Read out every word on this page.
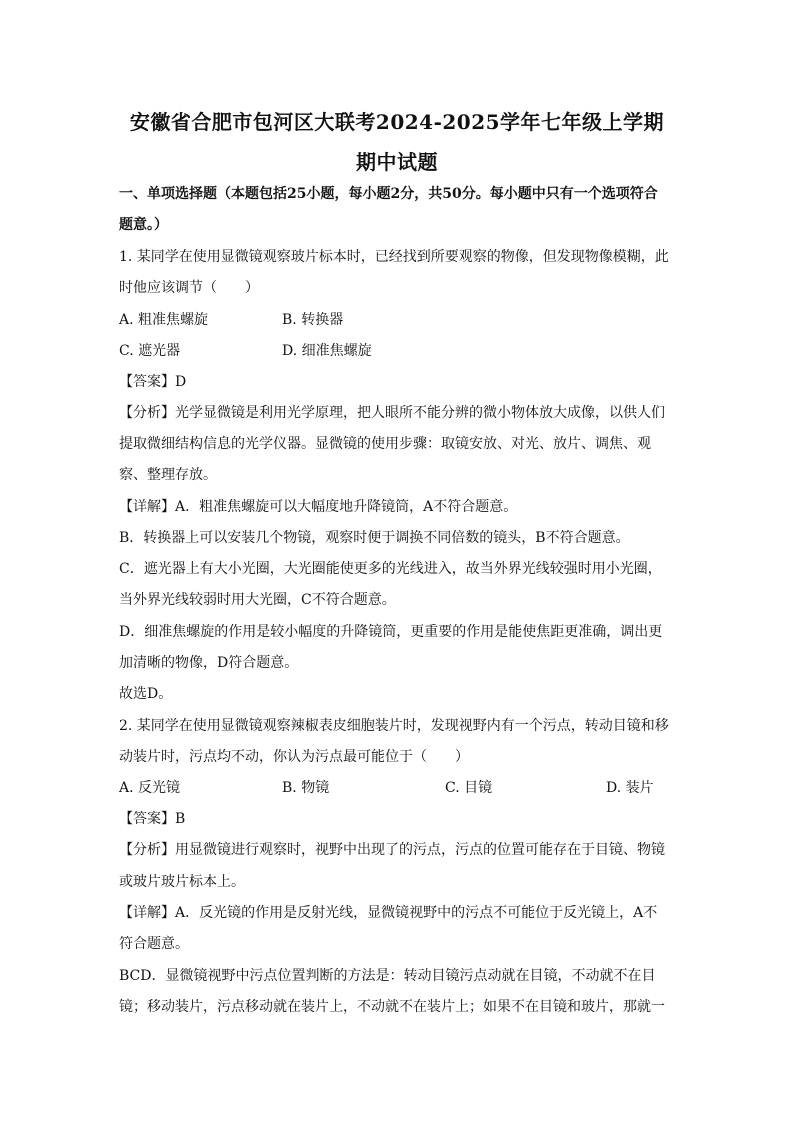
安徽省合肥市包河区大联考2024-2025学年七年级上学期
期中试题
一、单项选择题（本题包括25小题，每小题2分，共50分。每小题中只有一个选项符合
题意。）
1. 某同学在使用显微镜观察玻片标本时，已经找到所要观察的物像，但发现物像模糊，此
时他应该调节（　　）
A. 粗准焦螺旋	B. 转换器
C. 遮光器	D. 细准焦螺旋
【答案】D
【分析】光学显微镜是利用光学原理，把人眼所不能分辨的微小物体放大成像，以供人们
提取微细结构信息的光学仪器。显微镜的使用步骤：取镜安放、对光、放片、调焦、观
察、整理存放。
【详解】A．粗准焦螺旋可以大幅度地升降镜筒，A不符合题意。
B．转换器上可以安装几个物镜，观察时便于调换不同倍数的镜头，B不符合题意。
C．遮光器上有大小光圈，大光圈能使更多的光线进入，故当外界光线较强时用小光圈，
当外界光线较弱时用大光圈，C不符合题意。
D．细准焦螺旋的作用是较小幅度的升降镜筒，更重要的作用是能使焦距更准确，调出更
加清晰的物像，D符合题意。
故选D。
2. 某同学在使用显微镜观察辣椒表皮细胞装片时，发现视野内有一个污点，转动目镜和移
动装片时，污点均不动，你认为污点最可能位于（　　）
A. 反光镜	B. 物镜	C. 目镜	D. 装片
【答案】B
【分析】用显微镜进行观察时，视野中出现了的污点，污点的位置可能存在于目镜、物镜
或玻片玻片标本上。
【详解】A．反光镜的作用是反射光线，显微镜视野中的污点不可能位于反光镜上，A不
符合题意。
BCD．显微镜视野中污点位置判断的方法是：转动目镜污点动就在目镜，不动就不在目
镜；移动装片，污点移动就在装片上，不动就不在装片上；如果不在目镜和玻片，那就一
